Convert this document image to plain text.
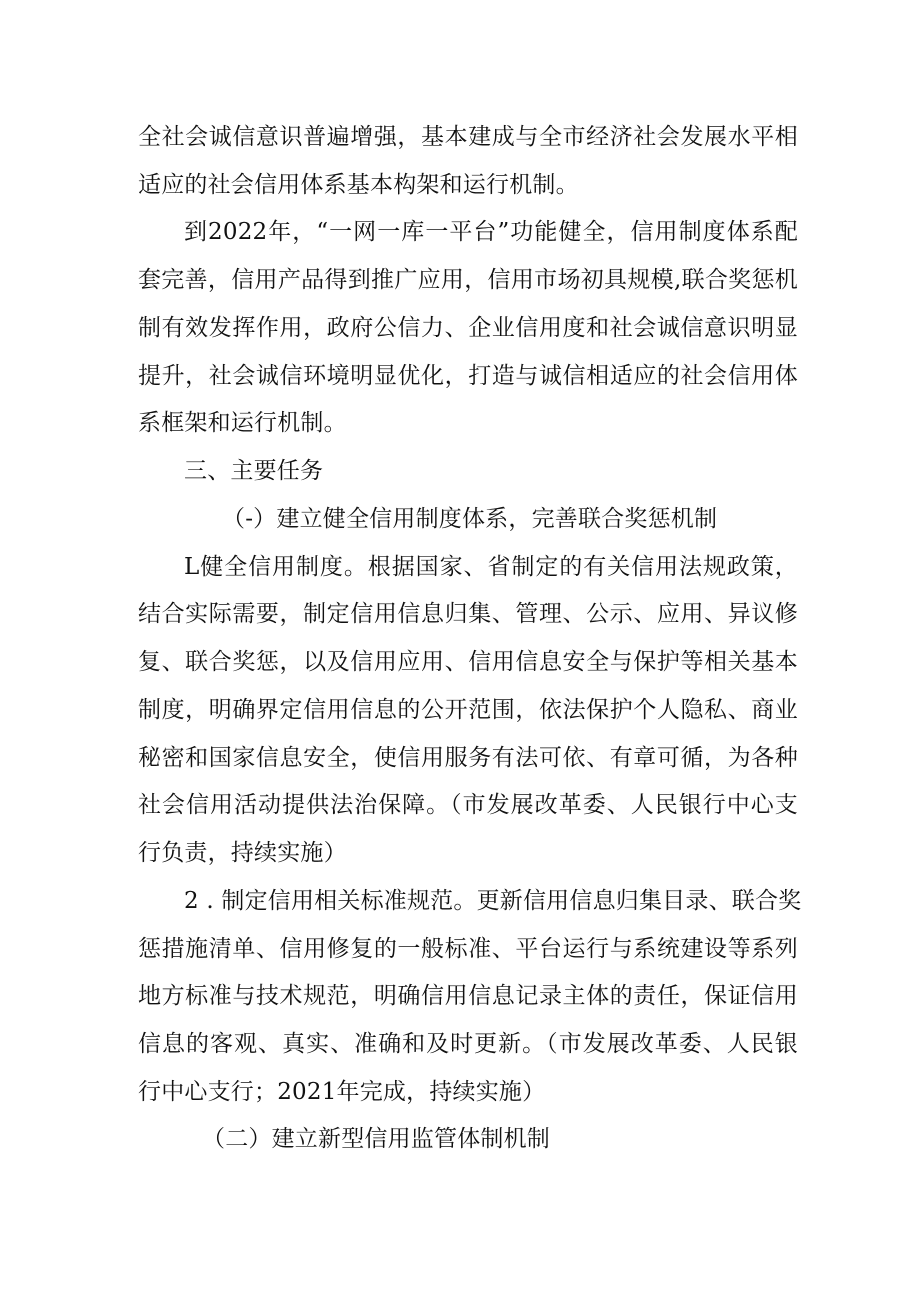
全社会诚信意识普遍增强，基本建成与全市经济社会发展水平相
适应的社会信用体系基本构架和运行机制。
到2022年，“一网一库一平台”功能健全，信用制度体系配
套完善，信用产品得到推广应用，信用市场初具规模,联合奖惩机
制有效发挥作用，政府公信力、企业信用度和社会诚信意识明显
提升，社会诚信环境明显优化，打造与诚信相适应的社会信用体
系框架和运行机制。
三、主要任务
（-）建立健全信用制度体系，完善联合奖惩机制
L健全信用制度。根据国家、省制定的有关信用法规政策，
结合实际需要，制定信用信息归集、管理、公示、应用、异议修
复、联合奖惩，以及信用应用、信用信息安全与保护等相关基本
制度，明确界定信用信息的公开范围，依法保护个人隐私、商业
秘密和国家信息安全，使信用服务有法可依、有章可循，为各种
社会信用活动提供法治保障。（市发展改革委、人民银行中心支
行负责，持续实施）
2 . 制定信用相关标准规范。更新信用信息归集目录、联合奖
惩措施清单、信用修复的一般标准、平台运行与系统建设等系列
地方标准与技术规范，明确信用信息记录主体的责任，保证信用
信息的客观、真实、准确和及时更新。（市发展改革委、人民银
行中心支行；2021年完成，持续实施）
（二）建立新型信用监管体制机制
